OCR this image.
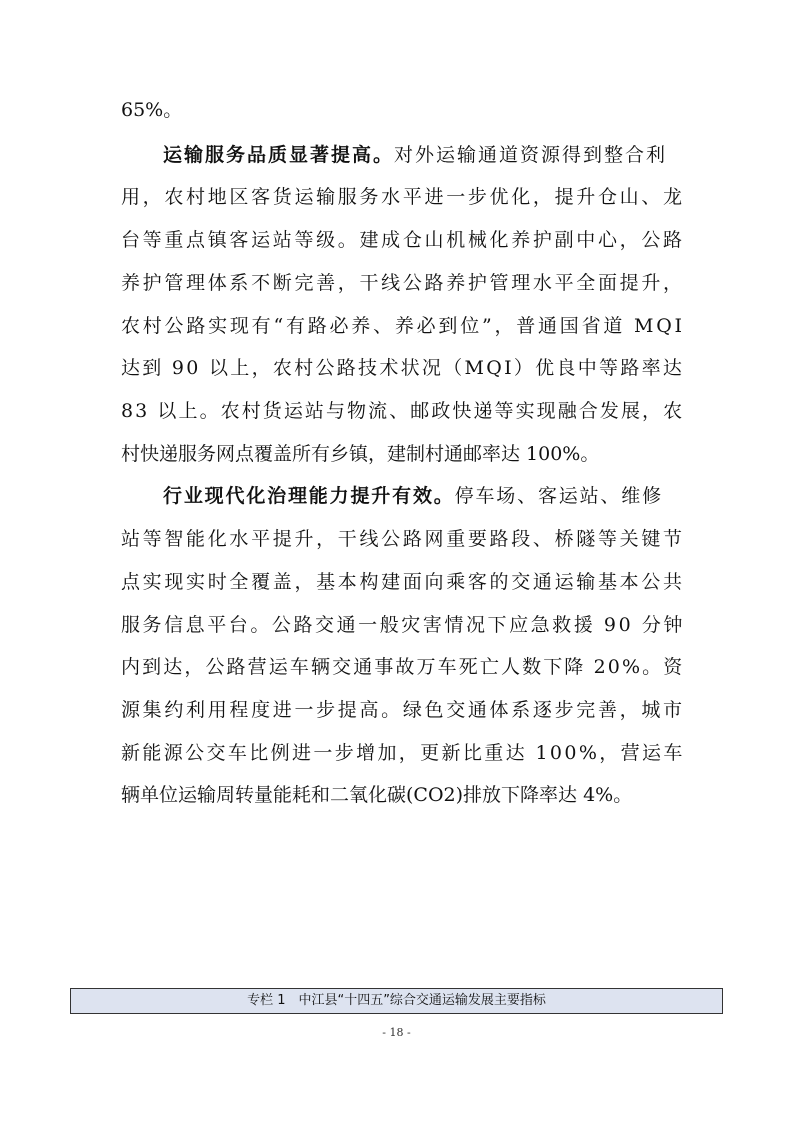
65%。
运输服务品质显著提高。对外运输通道资源得到整合利
用，农村地区客货运输服务水平进一步优化，提升仓山、龙
台等重点镇客运站等级。建成仓山机械化养护副中心，公路
养护管理体系不断完善，干线公路养护管理水平全面提升，
农村公路实现有“有路必养、养必到位”，普通国省道 MQI
达到 90 以上，农村公路技术状况（MQI）优良中等路率达
83 以上。农村货运站与物流、邮政快递等实现融合发展，农
村快递服务网点覆盖所有乡镇，建制村通邮率达 100%。
行业现代化治理能力提升有效。停车场、客运站、维修
站等智能化水平提升，干线公路网重要路段、桥隧等关键节
点实现实时全覆盖，基本构建面向乘客的交通运输基本公共
服务信息平台。公路交通一般灾害情况下应急救援 90 分钟
内到达，公路营运车辆交通事故万车死亡人数下降 20%。资
源集约利用程度进一步提高。绿色交通体系逐步完善，城市
新能源公交车比例进一步增加，更新比重达 100%，营运车
辆单位运输周转量能耗和二氧化碳(CO2)排放下降率达 4%。
专栏 1　中江县“十四五”综合交通运输发展主要指标
- 18 -
